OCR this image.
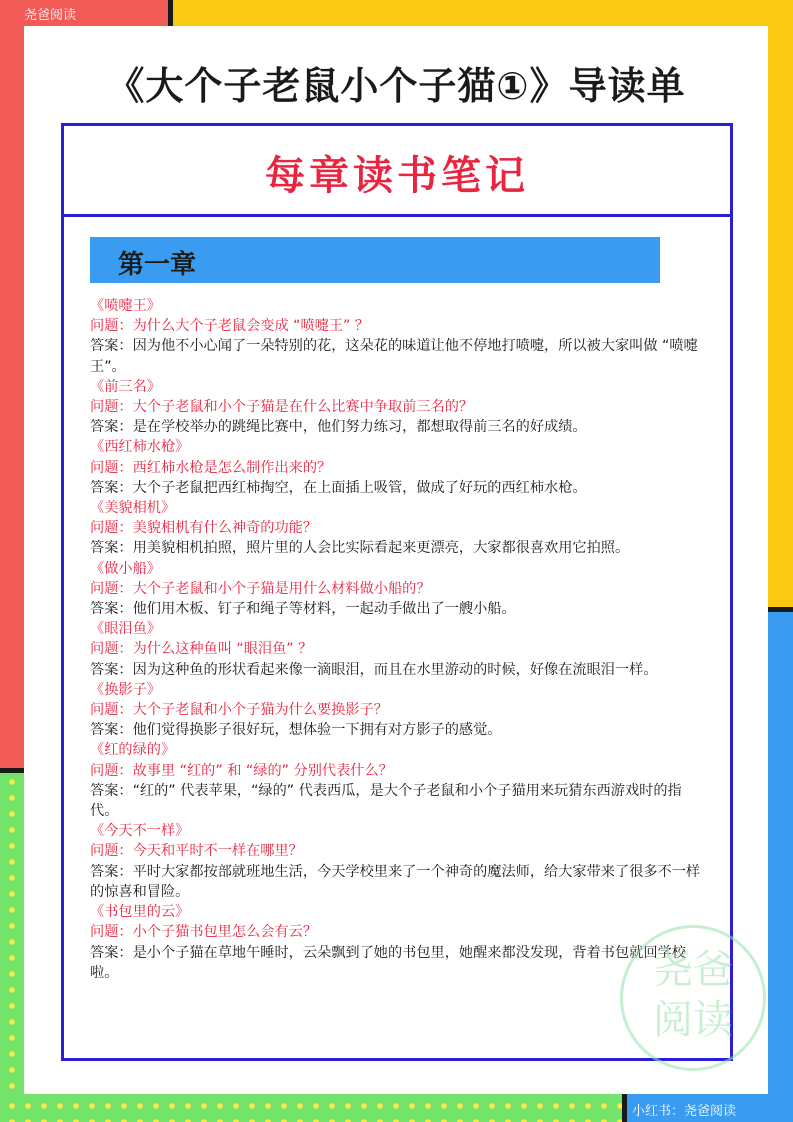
尧爸阅读
小红书：尧爸阅读
《大个子老鼠小个子猫①》导读单
每章读书笔记
第一章
《喷嚏王》
问题：为什么大个子老鼠会变成 “喷嚏王” ？
答案：因为他不小心闻了一朵特别的花，这朵花的味道让他不停地打喷嚏，所以被大家叫做 “喷嚏王”。
《前三名》
问题：大个子老鼠和小个子猫是在什么比赛中争取前三名的？
答案：是在学校举办的跳绳比赛中，他们努力练习，都想取得前三名的好成绩。
《西红柿水枪》
问题：西红柿水枪是怎么制作出来的？
答案：大个子老鼠把西红柿掏空，在上面插上吸管，做成了好玩的西红柿水枪。
《美貌相机》
问题：美貌相机有什么神奇的功能？
答案：用美貌相机拍照，照片里的人会比实际看起来更漂亮，大家都很喜欢用它拍照。
《做小船》
问题：大个子老鼠和小个子猫是用什么材料做小船的？
答案：他们用木板、钉子和绳子等材料，一起动手做出了一艘小船。
《眼泪鱼》
问题：为什么这种鱼叫 “眼泪鱼” ？
答案：因为这种鱼的形状看起来像一滴眼泪，而且在水里游动的时候，好像在流眼泪一样。
《换影子》
问题：大个子老鼠和小个子猫为什么要换影子？
答案：他们觉得换影子很好玩，想体验一下拥有对方影子的感觉。
《红的绿的》
问题：故事里 “红的” 和 “绿的” 分别代表什么？
答案：“红的” 代表苹果，“绿的” 代表西瓜，是大个子老鼠和小个子猫用来玩猜东西游戏时的指代。
《今天不一样》
问题：今天和平时不一样在哪里？
答案：平时大家都按部就班地生活，今天学校里来了一个神奇的魔法师，给大家带来了很多不一样的惊喜和冒险。
《书包里的云》
问题：小个子猫书包里怎么会有云？
答案：是小个子猫在草地午睡时，云朵飘到了她的书包里，她醒来都没发现，背着书包就回学校啦。	尧爸
阅读
